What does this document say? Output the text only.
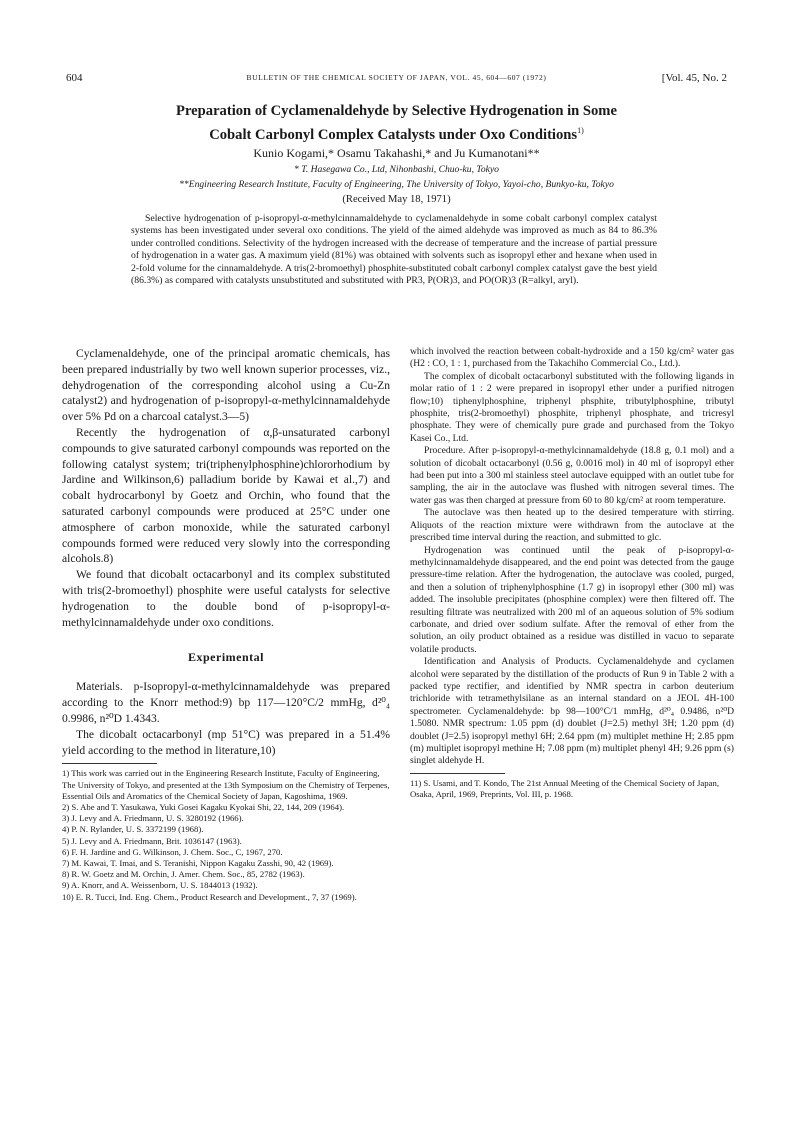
604	BULLETIN OF THE CHEMICAL SOCIETY OF JAPAN, VOL. 45, 604—607 (1972)	[Vol. 45, No. 2
Preparation of Cyclamenaldehyde by Selective Hydrogenation in Some
Cobalt Carbonyl Complex Catalysts under Oxo Conditions$^{1)}$
Kunio Kogami,* Osamu Takahashi,* and Ju Kumanotani**
* T. Hasegawa Co., Ltd, Nihonbashi, Chuo-ku, Tokyo
**Engineering Research Institute, Faculty of Engineering, The University of Tokyo, Yayoi-cho, Bunkyo-ku, Tokyo
(Received May 18, 1971)

Selective hydrogenation of p-isopropyl-α-methylcinnamaldehyde to cyclamenaldehyde in some cobalt carbonyl complex catalyst systems has been investigated under several oxo conditions. The yield of the aimed aldehyde was improved as much as 84 to 86.3% under controlled conditions. Selectivity of the hydrogen increased with the decrease of temperature and the increase of partial pressure of hydrogenation in a water gas. A maximum yield (81%) was obtained with solvents such as isopropyl ether and hexane when used in 2-fold volume for the cinnamaldehyde. A tris(2-bromoethyl) phosphite-substituted cobalt carbonyl complex catalyst gave the best yield (86.3%) as compared with catalysts unsubstituted and substituted with PR3, P(OR)3, and PO(OR)3 (R=alkyl, aryl).

Cyclamenaldehyde, one of the principal aromatic chemicals, has been prepared industrially by two well known superior processes, viz., dehydrogenation of the corresponding alcohol using a Cu-Zn catalyst2) and hydrogenation of p-isopropyl-α-methylcinnamaldehyde over 5% Pd on a charcoal catalyst.3—5)

Recently the hydrogenation of α,β-unsaturated carbonyl compounds to give saturated carbonyl compounds was reported on the following catalyst system; tri(triphenylphosphine)chlororhodium by Jardine and Wilkinson,6) palladium boride by Kawai et al.,7) and cobalt hydrocarbonyl by Goetz and Orchin, who found that the saturated carbonyl compounds were produced at 25°C under one atmosphere of carbon monoxide, while the saturated carbonyl compounds formed were reduced very slowly into the corresponding alcohols.8)

We found that dicobalt octacarbonyl and its complex substituted with tris(2-bromoethyl) phosphite were useful catalysts for selective hydrogenation to the double bond of p-isopropyl-α-methylcinnamaldehyde under oxo conditions.

Experimental

Materials. p-Isopropyl-α-methylcinnamaldehyde was prepared according to the Knorr method:9) bp 117—120°C/2 mmHg, d²⁰₄ 0.9986, n²⁰D 1.4343.

The dicobalt octacarbonyl (mp 51°C) was prepared in a 51.4% yield according to the method in literature,10)

1) This work was carried out in the Engineering Research Institute, Faculty of Engineering, The University of Tokyo, and presented at the 13th Symposium on the Chemistry of Terpenes, Essential Oils and Aromatics of the Chemical Society of Japan, Kagoshima, 1969.

2) S. Abe and T. Yasukawa, Yuki Gosei Kagaku Kyokai Shi, 22, 144, 209 (1964).

3) J. Levy and A. Friedmann, U. S. 3280192 (1966).

4) P. N. Rylander, U. S. 3372199 (1968).

5) J. Levy and A. Friedmann, Brit. 1036147 (1963).

6) F. H. Jardine and G. Wilkinson, J. Chem. Soc., C, 1967, 270.

7) M. Kawai, T. Imai, and S. Teranishi, Nippon Kagaku Zasshi, 90, 42 (1969).

8) R. W. Goetz and M. Orchin, J. Amer. Chem. Soc., 85, 2782 (1963).

9) A. Knorr, and A. Weissenborn, U. S. 1844013 (1932).

10) E. R. Tucci, Ind. Eng. Chem., Product Research and Development., 7, 37 (1969).

which involved the reaction between cobalt-hydroxide and a 150 kg/cm² water gas (H2 : CO, 1 : 1, purchased from the Takachiho Commercial Co., Ltd.).

The complex of dicobalt octacarbonyl substituted with the following ligands in molar ratio of 1 : 2 were prepared in isopropyl ether under a purified nitrogen flow;10) tiphenylphosphine, triphenyl phsphite, tributylphosphine, tributyl phosphite, tris(2-bromoethyl) phosphite, triphenyl phosphate, and tricresyl phosphate. They were of chemically pure grade and purchased from the Tokyo Kasei Co., Ltd.

Procedure. After p-isopropyl-α-methylcinnamaldehyde (18.8 g, 0.1 mol) and a solution of dicobalt octacarbonyl (0.56 g, 0.0016 mol) in 40 ml of isopropyl ether had been put into a 300 ml stainless steel autoclave equipped with an outlet tube for sampling, the air in the autoclave was flushed with nitrogen several times. The water gas was then charged at pressure from 60 to 80 kg/cm² at room temperature.

The autoclave was then heated up to the desired temperature with stirring. Aliquots of the reaction mixture were withdrawn from the autoclave at the prescribed time interval during the reaction, and submitted to glc.

Hydrogenation was continued until the peak of p-isopropyl-α-methylcinnamaldehyde disappeared, and the end point was detected from the gauge pressure-time relation. After the hydrogenation, the autoclave was cooled, purged, and then a solution of triphenylphosphine (1.7 g) in isopropyl ether (300 ml) was added. The insoluble precipitates (phosphine complex) were then filtered off. The resulting filtrate was neutralized with 200 ml of an aqueous solution of 5% sodium carbonate, and dried over sodium sulfate. After the removal of ether from the solution, an oily product obtained as a residue was distilled in vacuo to separate volatile products.

Identification and Analysis of Products. Cyclamenaldehyde and cyclamen alcohol were separated by the distillation of the products of Run 9 in Table 2 with a packed type rectifier, and identified by NMR spectra in carbon deuterium trichloride with tetramethylsilane as an internal standard on a JEOL 4H-100 spectrometer. Cyclamenaldehyde: bp 98—100°C/1 mmHg, d²⁰₄ 0.9486, n²⁰D 1.5080. NMR spectrum: 1.05 ppm (d) doublet (J=2.5) methyl 3H; 1.20 ppm (d) doublet (J=2.5) isopropyl methyl 6H; 2.64 ppm (m) multiplet methine H; 2.85 ppm (m) multiplet isopropyl methine H; 7.08 ppm (m) multiplet phenyl 4H; 9.26 ppm (s) singlet aldehyde H.

11) S. Usami, and T. Kondo, The 21st Annual Meeting of the Chemical Society of Japan, Osaka, April, 1969, Preprints, Vol. III, p. 1968.
